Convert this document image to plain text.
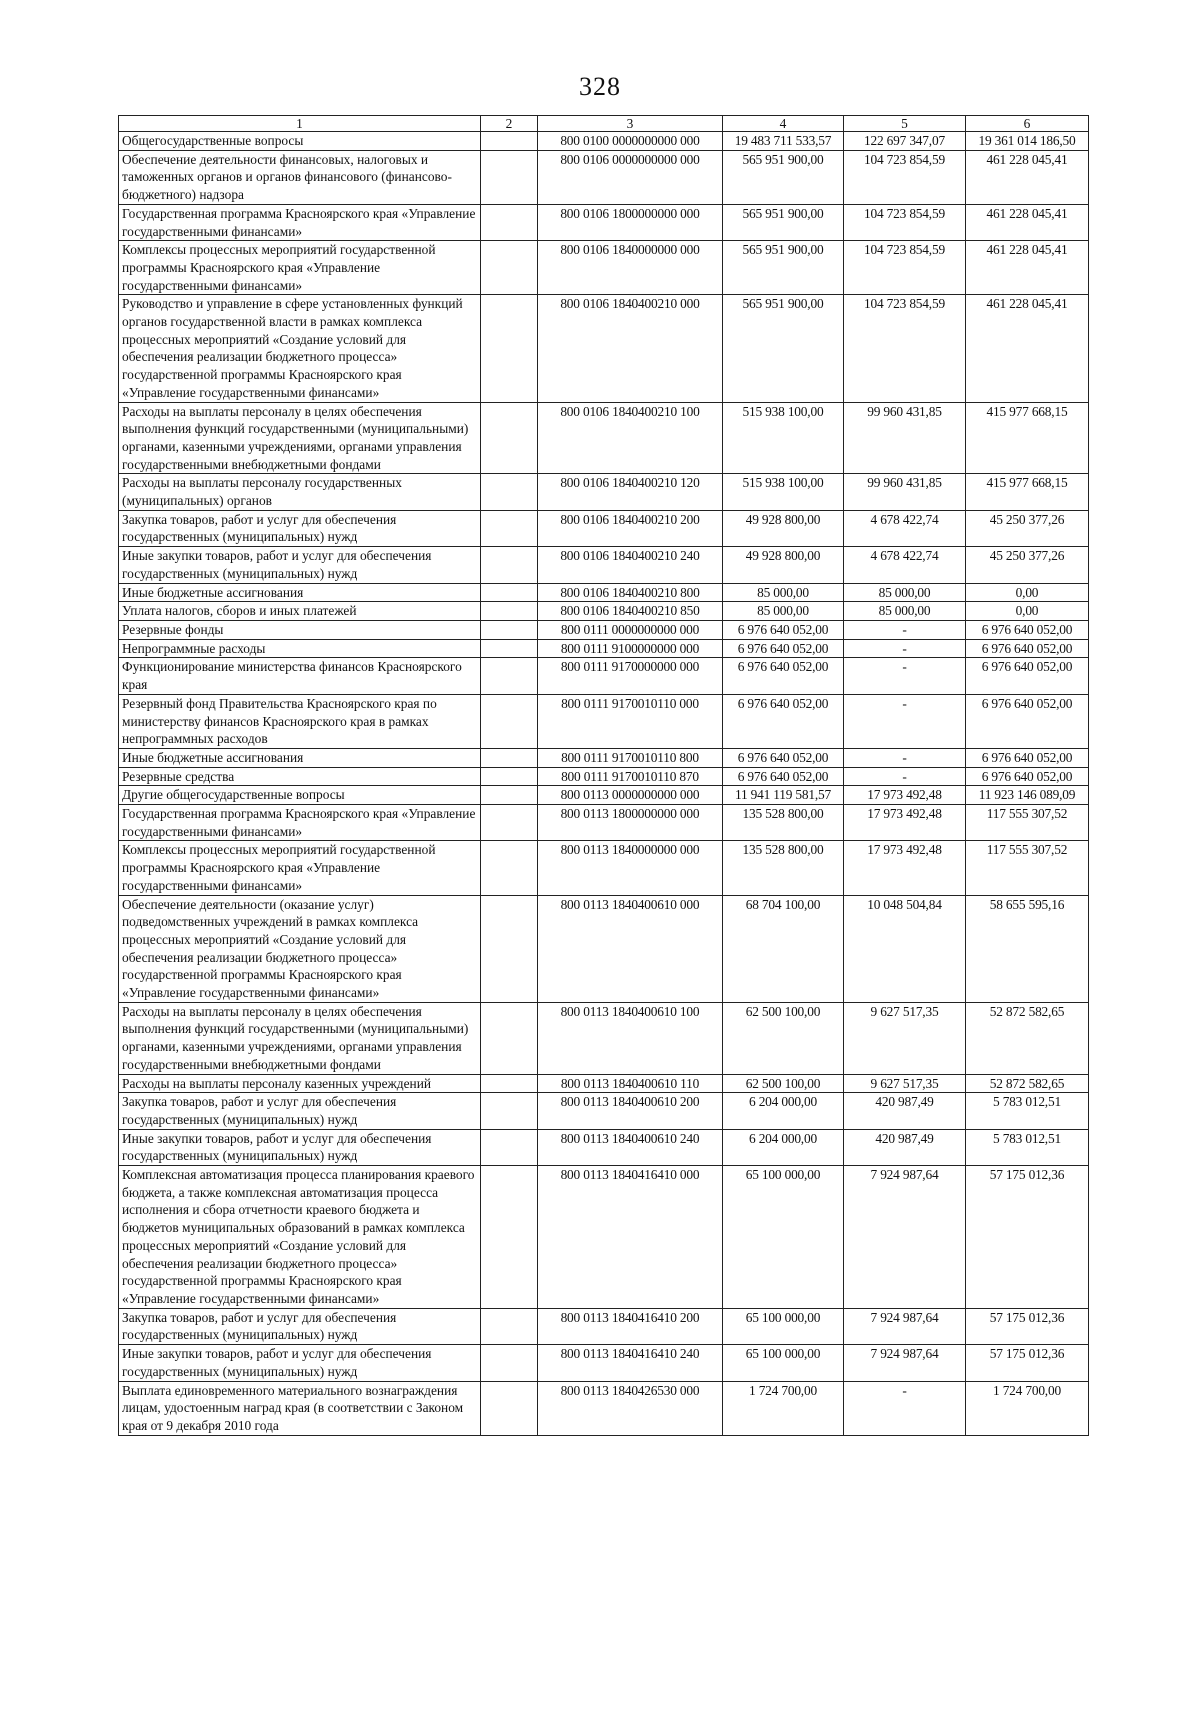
328
1	2	3	4	5	6
Общегосударственные вопросы		800 0100 0000000000 000	19 483 711 533,57	122 697 347,07	19 361 014 186,50
Обеспечение деятельности финансовых, налоговых и таможенных органов и органов финансового (финансово-бюджетного) надзора		800 0106 0000000000 000	565 951 900,00	104 723 854,59	461 228 045,41
Государственная программа Красноярского края «Управление государственными финансами»		800 0106 1800000000 000	565 951 900,00	104 723 854,59	461 228 045,41
Комплексы процессных мероприятий государственной программы Красноярского края «Управление государственными финансами»		800 0106 1840000000 000	565 951 900,00	104 723 854,59	461 228 045,41
Руководство и управление в сфере установленных функций органов государственной власти в рамках комплекса процессных мероприятий «Создание условий для обеспечения реализации бюджетного процесса» государственной программы Красноярского края «Управление государственными финансами»		800 0106 1840400210 000	565 951 900,00	104 723 854,59	461 228 045,41
Расходы на выплаты персоналу в целях обеспечения выполнения функций государственными (муниципальными) органами, казенными учреждениями, органами управления государственными внебюджетными фондами		800 0106 1840400210 100	515 938 100,00	99 960 431,85	415 977 668,15
Расходы на выплаты персоналу государственных (муниципальных) органов		800 0106 1840400210 120	515 938 100,00	99 960 431,85	415 977 668,15
Закупка товаров, работ и услуг для обеспечения государственных (муниципальных) нужд		800 0106 1840400210 200	49 928 800,00	4 678 422,74	45 250 377,26
Иные закупки товаров, работ и услуг для обеспечения государственных (муниципальных) нужд		800 0106 1840400210 240	49 928 800,00	4 678 422,74	45 250 377,26
Иные бюджетные ассигнования		800 0106 1840400210 800	85 000,00	85 000,00	0,00
Уплата налогов, сборов и иных платежей		800 0106 1840400210 850	85 000,00	85 000,00	0,00
Резервные фонды		800 0111 0000000000 000	6 976 640 052,00	-	6 976 640 052,00
Непрограммные расходы		800 0111 9100000000 000	6 976 640 052,00	-	6 976 640 052,00
Функционирование министерства финансов Красноярского края		800 0111 9170000000 000	6 976 640 052,00	-	6 976 640 052,00
Резервный фонд Правительства Красноярского края по министерству финансов Красноярского края в рамках непрограммных расходов		800 0111 9170010110 000	6 976 640 052,00	-	6 976 640 052,00
Иные бюджетные ассигнования		800 0111 9170010110 800	6 976 640 052,00	-	6 976 640 052,00
Резервные средства		800 0111 9170010110 870	6 976 640 052,00	-	6 976 640 052,00
Другие общегосударственные вопросы		800 0113 0000000000 000	11 941 119 581,57	17 973 492,48	11 923 146 089,09
Государственная программа Красноярского края «Управление государственными финансами»		800 0113 1800000000 000	135 528 800,00	17 973 492,48	117 555 307,52
Комплексы процессных мероприятий государственной программы Красноярского края «Управление государственными финансами»		800 0113 1840000000 000	135 528 800,00	17 973 492,48	117 555 307,52
Обеспечение деятельности (оказание услуг) подведомственных учреждений в рамках комплекса процессных мероприятий «Создание условий для обеспечения реализации бюджетного процесса» государственной программы Красноярского края «Управление государственными финансами»		800 0113 1840400610 000	68 704 100,00	10 048 504,84	58 655 595,16
Расходы на выплаты персоналу в целях обеспечения выполнения функций государственными (муниципальными) органами, казенными учреждениями, органами управления государственными внебюджетными фондами		800 0113 1840400610 100	62 500 100,00	9 627 517,35	52 872 582,65
Расходы на выплаты персоналу казенных учреждений		800 0113 1840400610 110	62 500 100,00	9 627 517,35	52 872 582,65
Закупка товаров, работ и услуг для обеспечения государственных (муниципальных) нужд		800 0113 1840400610 200	6 204 000,00	420 987,49	5 783 012,51
Иные закупки товаров, работ и услуг для обеспечения государственных (муниципальных) нужд		800 0113 1840400610 240	6 204 000,00	420 987,49	5 783 012,51
Комплексная автоматизация процесса планирования краевого бюджета, а также комплексная автоматизация процесса исполнения и сбора отчетности краевого бюджета и бюджетов муниципальных образований в рамках комплекса процессных мероприятий «Создание условий для обеспечения реализации бюджетного процесса» государственной программы Красноярского края «Управление государственными финансами»		800 0113 1840416410 000	65 100 000,00	7 924 987,64	57 175 012,36
Закупка товаров, работ и услуг для обеспечения государственных (муниципальных) нужд		800 0113 1840416410 200	65 100 000,00	7 924 987,64	57 175 012,36
Иные закупки товаров, работ и услуг для обеспечения государственных (муниципальных) нужд		800 0113 1840416410 240	65 100 000,00	7 924 987,64	57 175 012,36
Выплата единовременного материального вознаграждения лицам, удостоенным наград края (в соответствии с Законом края от 9 декабря 2010 года		800 0113 1840426530 000	1 724 700,00	-	1 724 700,00
